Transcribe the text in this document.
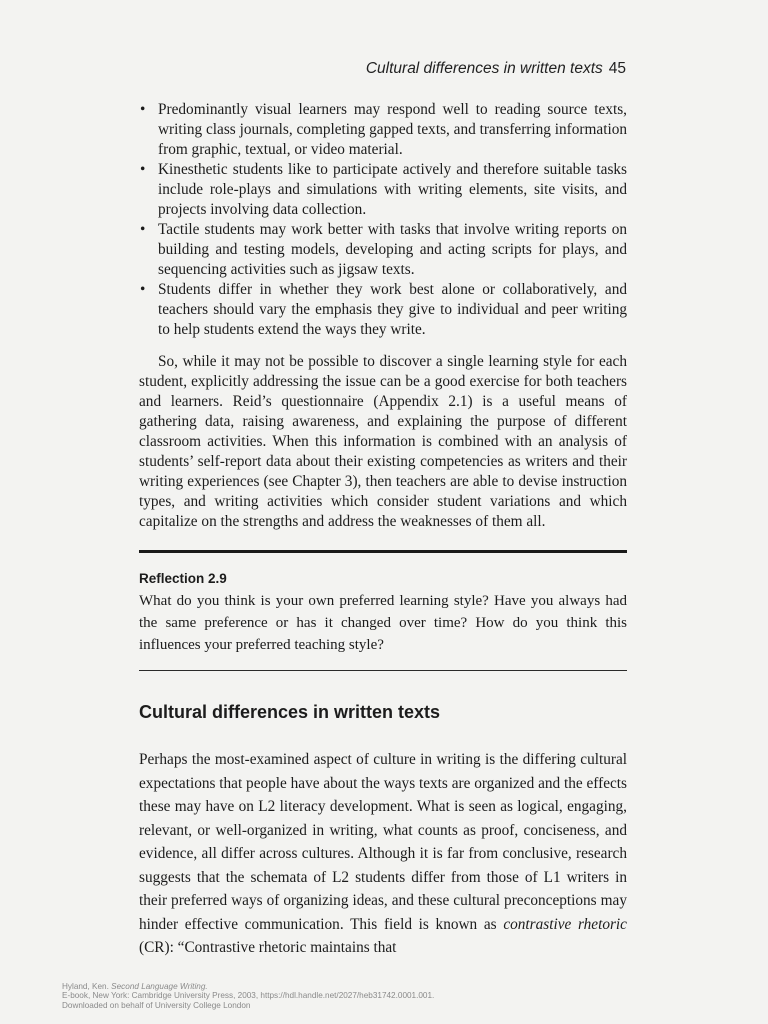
Cultural differences in written texts 45
• Predominantly visual learners may respond well to reading source texts, writing class journals, completing gapped texts, and transferring information from graphic, textual, or video material.
• Kinesthetic students like to participate actively and therefore suitable tasks include role-plays and simulations with writing elements, site visits, and projects involving data collection.
• Tactile students may work better with tasks that involve writing reports on building and testing models, developing and acting scripts for plays, and sequencing activities such as jigsaw texts.
• Students differ in whether they work best alone or collaboratively, and teachers should vary the emphasis they give to individual and peer writing to help students extend the ways they write.

So, while it may not be possible to discover a single learning style for each student, explicitly addressing the issue can be a good exercise for both teachers and learners. Reid’s questionnaire (Appendix 2.1) is a useful means of gathering data, raising awareness, and explaining the purpose of different classroom activities. When this information is combined with an analysis of students’ self-report data about their existing competencies as writers and their writing experiences (see Chapter 3), then teachers are able to devise instruction types, and writing activities which consider student variations and which capitalize on the strengths and address the weaknesses of them all.

Reflection 2.9

What do you think is your own preferred learning style? Have you always had the same preference or has it changed over time? How do you think this influences your preferred teaching style?

Cultural differences in written texts

Perhaps the most-examined aspect of culture in writing is the differing cultural expectations that people have about the ways texts are organized and the effects these may have on L2 literacy development. What is seen as logical, engaging, relevant, or well-organized in writing, what counts as proof, conciseness, and evidence, all differ across cultures. Although it is far from conclusive, research suggests that the schemata of L2 students differ from those of L1 writers in their preferred ways of organizing ideas, and these cultural preconceptions may hinder effective communication. This field is known as contrastive rhetoric (CR): “Contrastive rhetoric maintains that

Hyland, Ken. Second Language Writing.
E-book, New York: Cambridge University Press, 2003, https://hdl.handle.net/2027/heb31742.0001.001.
Downloaded on behalf of University College London
